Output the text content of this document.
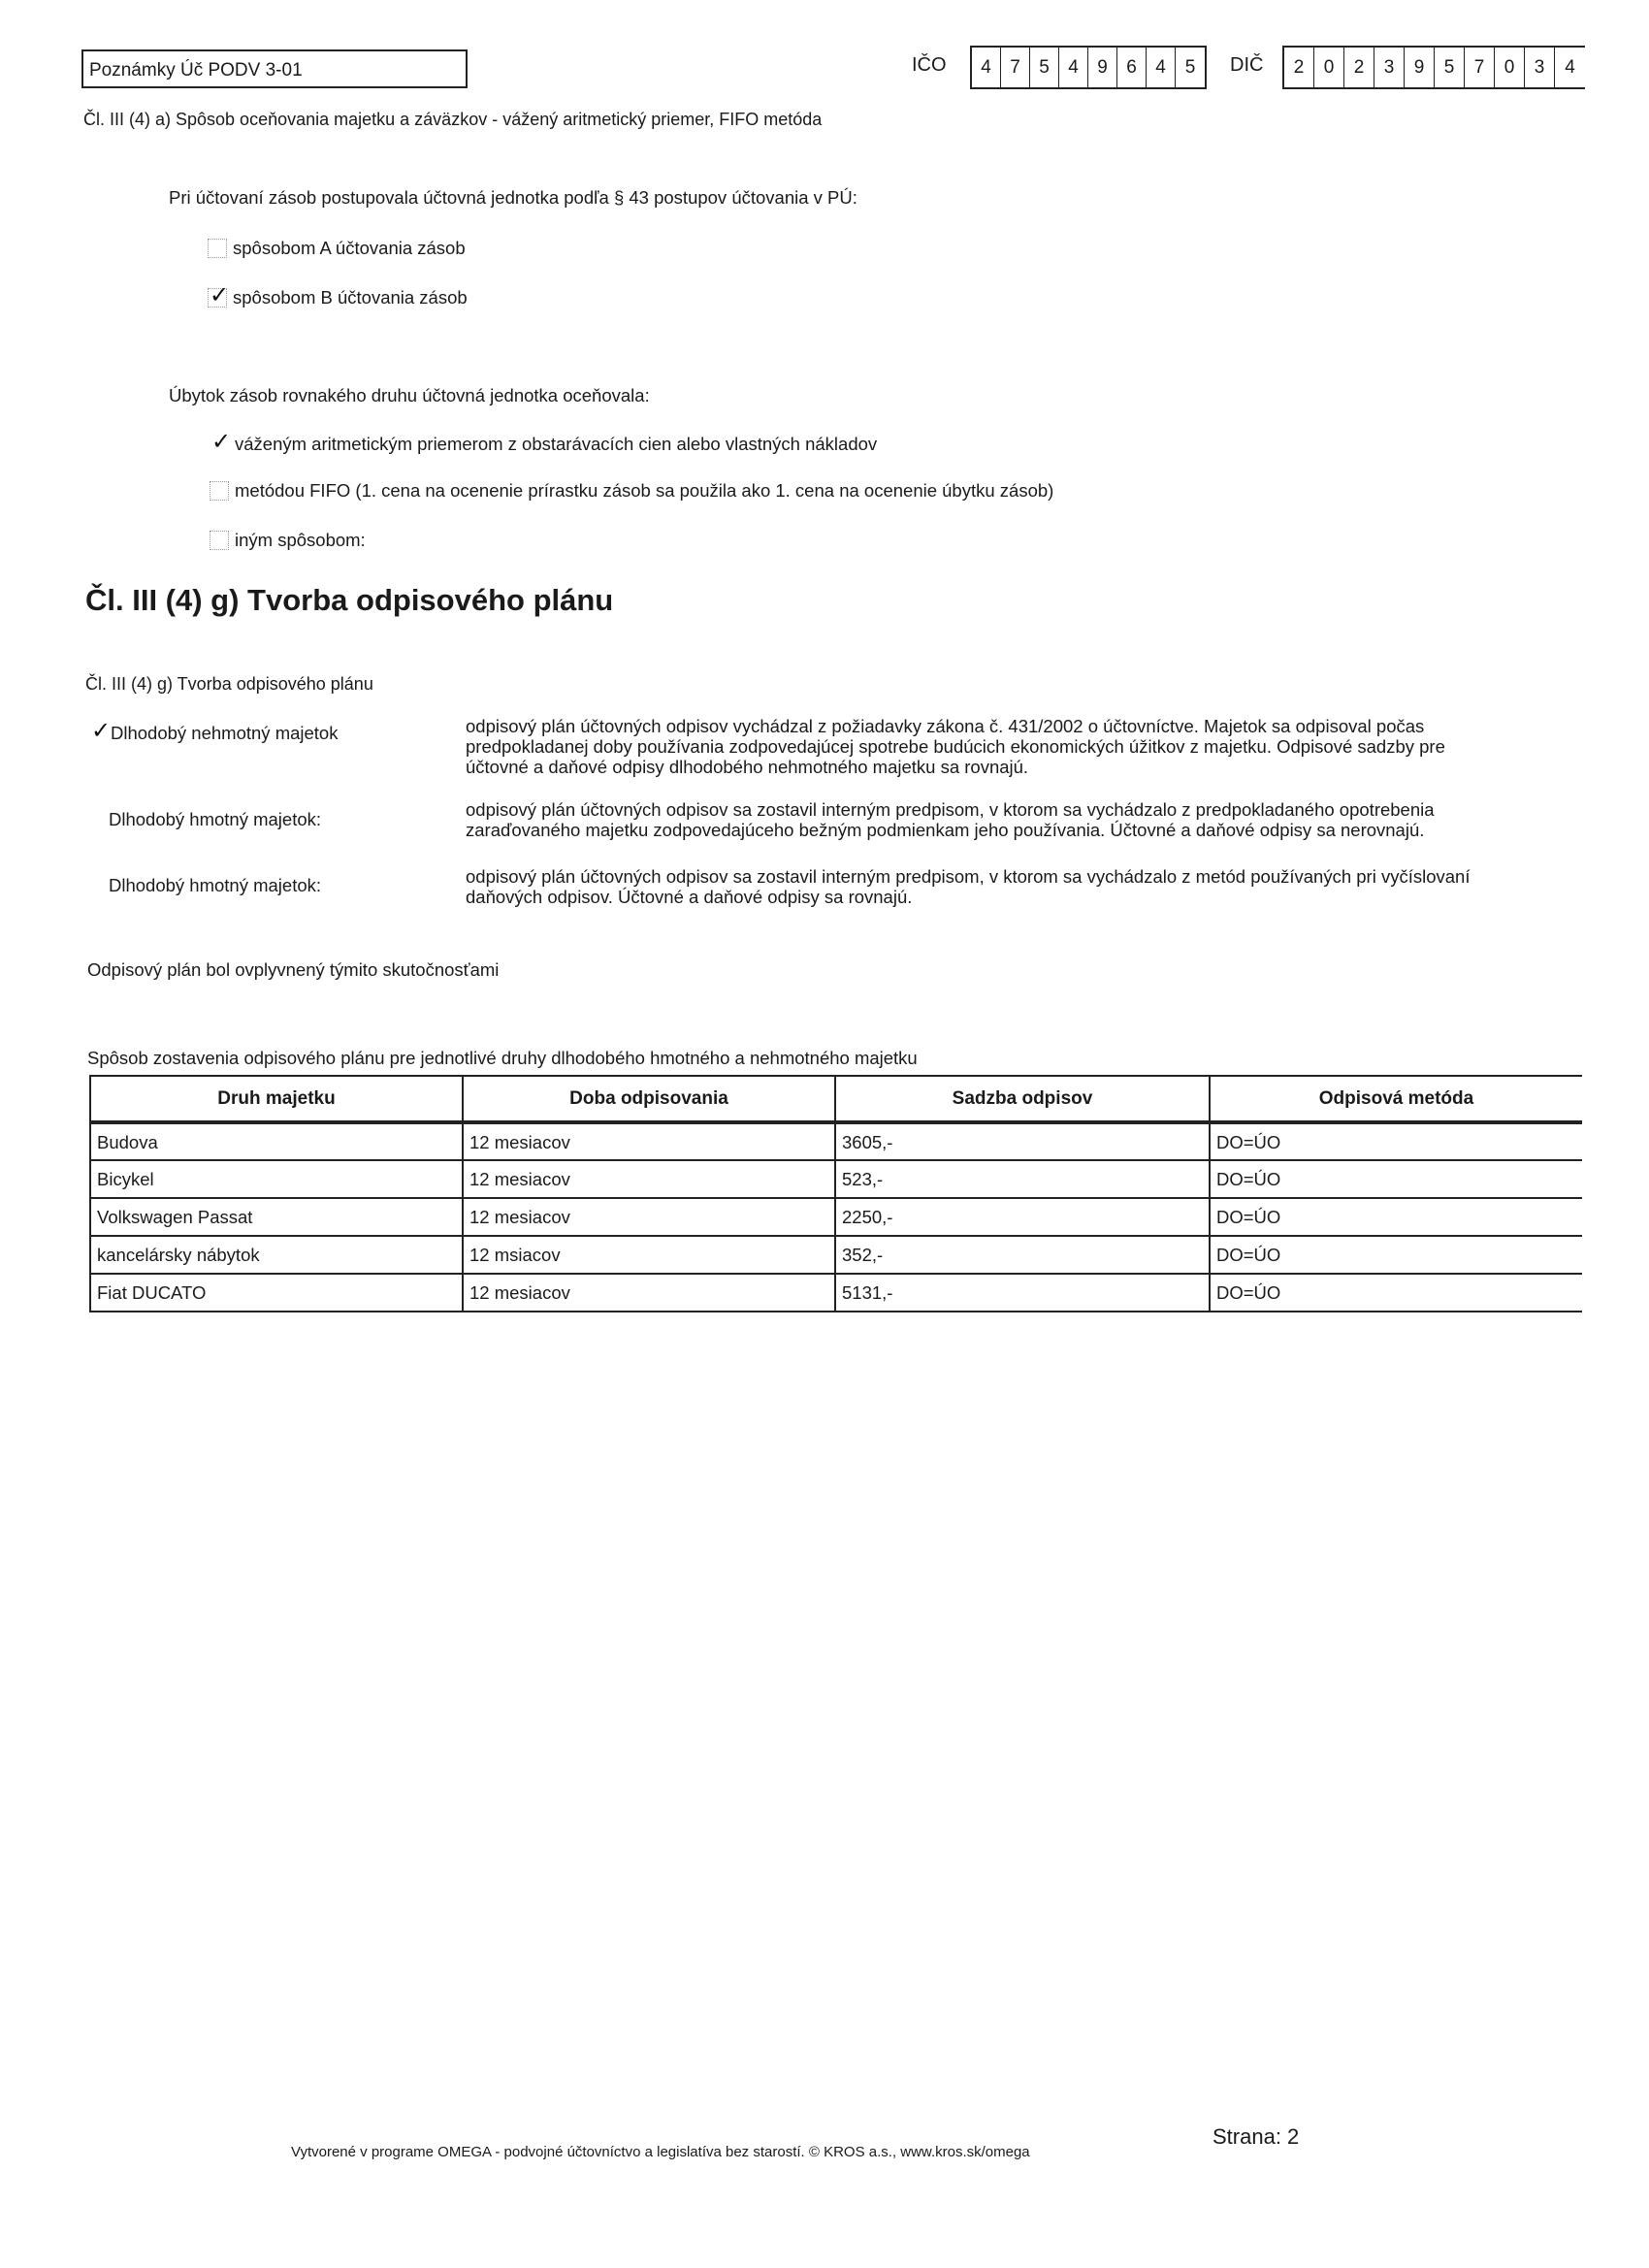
Poznámky Úč PODV 3-01	IČO	4	7	5	4	9	6	4	5	DIČ	2	0	2	3	9	5	7	0	3	4
Čl. III (4) a) Spôsob oceňovania majetku a záväzkov - vážený aritmetický priemer, FIFO metóda
Pri účtovaní zásob postupovala účtovná jednotka podľa § 43 postupov účtovania v PÚ:
spôsobom A účtovania zásob
✓ spôsobom B účtovania zásob
Úbytok zásob rovnakého druhu účtovná jednotka oceňovala:
✓ váženým aritmetickým priemerom z obstarávacích cien alebo vlastných nákladov
metódou FIFO (1. cena na ocenenie prírastku zásob sa použila ako 1. cena na ocenenie úbytku zásob)
iným spôsobom:
Čl. III (4) g) Tvorba odpisového plánu
Čl. III (4) g) Tvorba odpisového plánu
✓ Dlhodobý nehmotný majetok	odpisový plán účtovných odpisov vychádzal z požiadavky zákona č. 431/2002 o účtovníctve. Majetok sa odpisoval počas
predpokladanej doby používania zodpovedajúcej spotrebe budúcich ekonomických úžitkov z majetku. Odpisové sadzby pre
účtovné a daňové odpisy dlhodobého nehmotného majetku sa rovnajú.
Dlhodobý hmotný majetok:	odpisový plán účtovných odpisov sa zostavil interným predpisom, v ktorom sa vychádzalo z predpokladaného opotrebenia
zaraďovaného majetku zodpovedajúceho bežným podmienkam jeho používania. Účtovné a daňové odpisy sa nerovnajú.
Dlhodobý hmotný majetok:	odpisový plán účtovných odpisov sa zostavil interným predpisom, v ktorom sa vychádzalo z metód používaných pri vyčíslovaní
daňových odpisov. Účtovné a daňové odpisy sa rovnajú.
Odpisový plán bol ovplyvnený týmito skutočnosťami
Spôsob zostavenia odpisového plánu pre jednotlivé druhy dlhodobého hmotného a nehmotného majetku
Druh majetku	Doba odpisovania	Sadzba odpisov	Odpisová metóda
Budova	12 mesiacov	3605,-	DO=ÚO
Bicykel	12 mesiacov	523,-	DO=ÚO
Volkswagen Passat	12 mesiacov	2250,-	DO=ÚO
kancelársky nábytok	12 msiacov	352,-	DO=ÚO
Fiat DUCATO	12 mesiacov	5131,-	DO=ÚO
Strana: 2
Vytvorené v programe OMEGA - podvojné účtovníctvo a legislatíva bez starostí. © KROS a.s., www.kros.sk/omega
